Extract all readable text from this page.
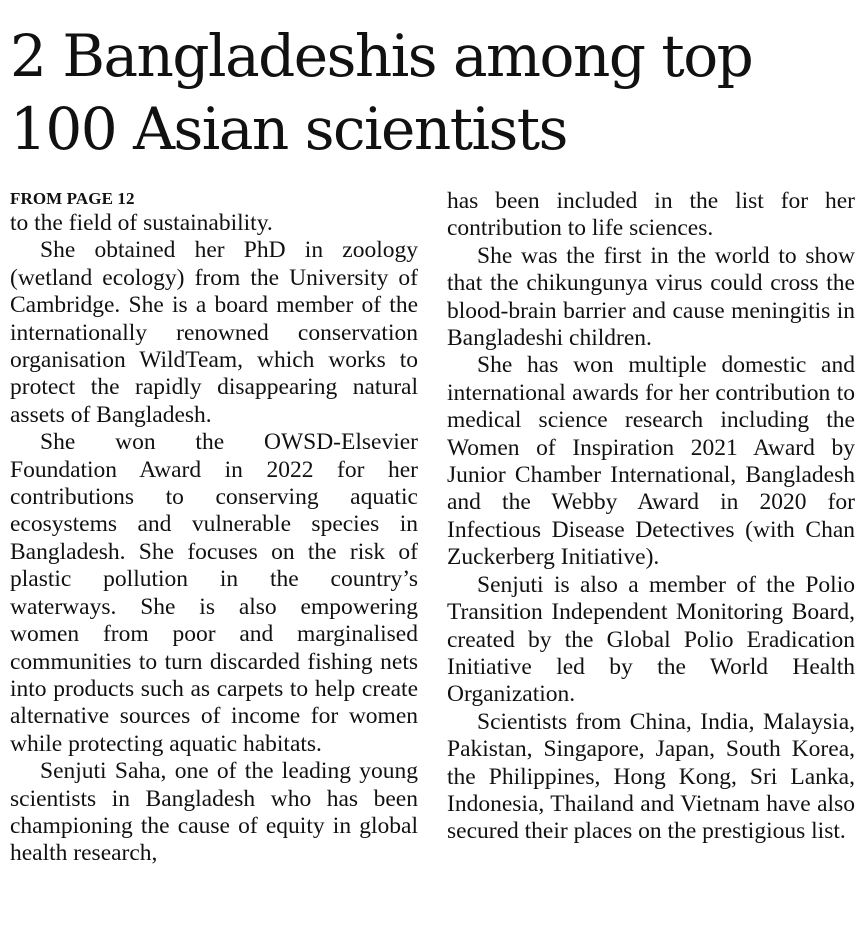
2 Bangladeshis among top
100 Asian scientists
FROM PAGE 12

to the field of sustainability.

She obtained her PhD in zoology (wetland ecology) from the University of Cambridge. She is a board member of the internationally renowned conservation organisation WildTeam, which works to protect the rapidly disappearing natural assets of Bangladesh.

She won the OWSD-Elsevier Foundation Award in 2022 for her contributions to conserving aquatic ecosystems and vulnerable species in Bangladesh. She focuses on the risk of plastic pollution in the country’s waterways. She is also empowering women from poor and marginalised communities to turn discarded fishing nets into products such as carpets to help create alternative sources of income for women while protecting aquatic habitats.

Senjuti Saha, one of the leading young scientists in Bangladesh who has been championing the cause of equity in global health research,

has been included in the list for her contribution to life sciences.

She was the first in the world to show that the chikungunya virus could cross the blood-brain barrier and cause meningitis in Bangladeshi children.

She has won multiple domestic and international awards for her contribution to medical science research including the Women of Inspiration 2021 Award by Junior Chamber International, Bangladesh and the Webby Award in 2020 for Infectious Disease Detectives (with Chan Zuckerberg Initiative).

Senjuti is also a member of the Polio Transition Independent Monitoring Board, created by the Global Polio Eradication Initiative led by the World Health Organization.

Scientists from China, India, Malaysia, Pakistan, Singapore, Japan, South Korea, the Philippines, Hong Kong, Sri Lanka, Indonesia, Thailand and Vietnam have also secured their places on the prestigious list.
